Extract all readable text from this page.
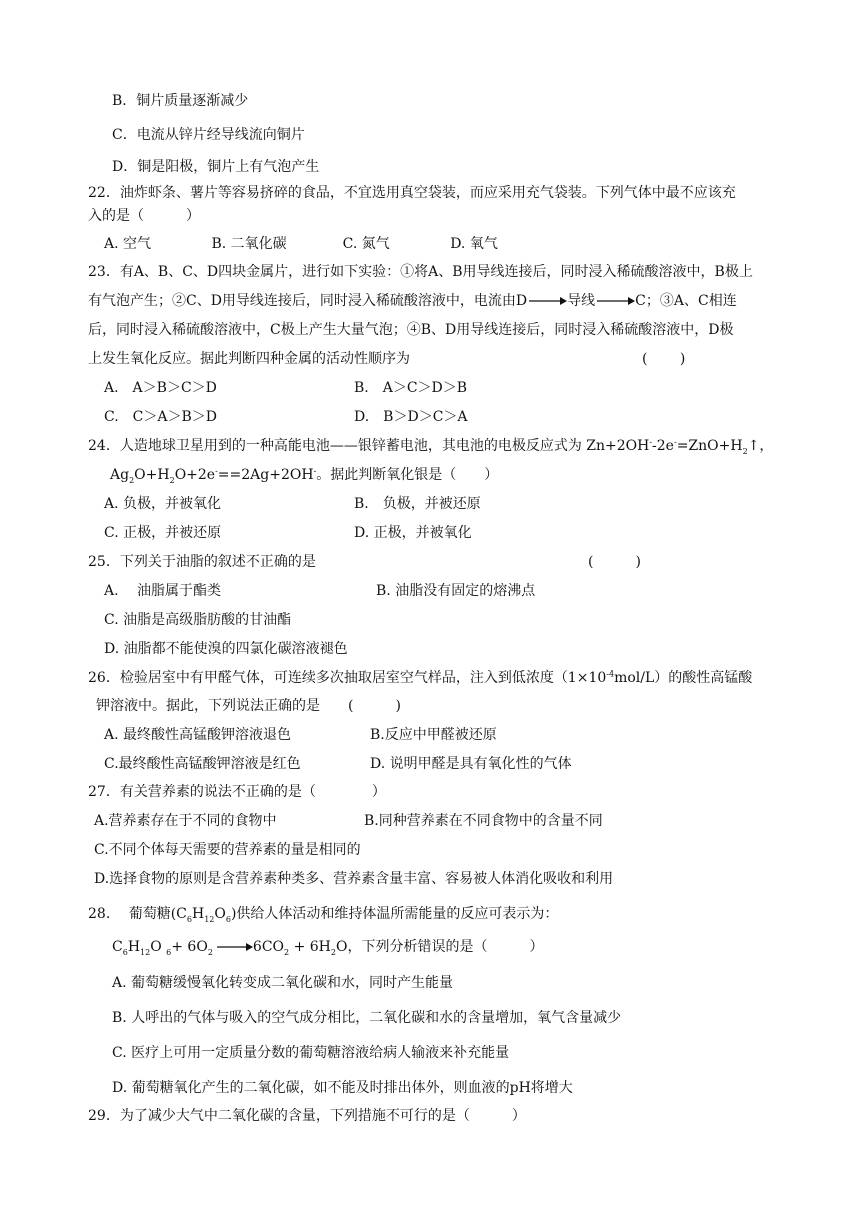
B．铜片质量逐渐减少
C．电流从锌片经导线流向铜片
D．铜是阳极，铜片上有气泡产生
22．油炸虾条、薯片等容易挤碎的食品，不宜选用真空袋装，而应采用充气袋装。下列气体中最不应该充
入的是（　　　）
A. 空气　　　　 B. 二氧化碳　　　　C. 氮气　　　　 D. 氧气
23．有A、B、C、D四块金属片，进行如下实验：①将A、B用导线连接后，同时浸入稀硫酸溶液中，B极上
有气泡产生；②C、D用导线连接后，同时浸入稀硫酸溶液中，电流由D	导线	C；③A、C相连
后，同时浸入稀硫酸溶液中，C极上产生大量气泡；④B、D用导线连接后，同时浸入稀硫酸溶液中，D极
上发生氧化反应。据此判断四种金属的活动性顺序为	(　　 )
A.　A＞B＞C＞D	B.　A＞C＞D＞B
C.　C＞A＞B＞D	D.　B＞D＞C＞A
24．人造地球卫星用到的一种高能电池——银锌蓄电池，其电池的电极反应式为 $Zn+2OH^--2e^-=ZnO+H_2↑$，
$Ag_2O+H_2O+2e^-==2Ag+2OH^-$。据此判断氧化银是（　　）
A. 负极，并被氧化	B.　负极，并被还原
C. 正极，并被还原	D. 正极，并被氧化
25．下列关于油脂的叙述不正确的是	(　　　)
A.　 油脂属于酯类	B. 油脂没有固定的熔沸点
C. 油脂是高级脂肪酸的甘油酯
D. 油脂都不能使溴的四氯化碳溶液褪色
26．检验居室中有甲醛气体，可连续多次抽取居室空气样品，注入到低浓度$(1\times 10^{-4}mol/L)$的酸性高锰酸
钾溶液中。据此，下列说法正确的是　　(　　　)
A. 最终酸性高锰酸钾溶液退色	B.反应中甲醛被还原
C.最终酸性高锰酸钾溶液是红色	D. 说明甲醛是具有氧化性的气体
27．有关营养素的说法不正确的是（　　　　）
A.营养素存在于不同的食物中	B.同种营养素在不同食物中的含量不同
C.不同个体每天需要的营养素的量是相同的
D.选择食物的原则是含营养素种类多、营养素含量丰富、容易被人体消化吸收和利用
28.　 葡萄糖$(C_6H_{12}O_6)$供给人体活动和维持体温所需能量的反应可表示为：
$C_6H_{12}O$ $_6+ 6O_2$	$6CO_2 + 6H_2O$，下列分析错误的是（　　　）
A. 葡萄糖缓慢氧化转变成二氧化碳和水，同时产生能量
B. 人呼出的气体与吸入的空气成分相比，二氧化碳和水的含量增加，氧气含量减少
C. 医疗上可用一定质量分数的葡萄糖溶液给病人输液来补充能量
D. 葡萄糖氧化产生的二氧化碳，如不能及时排出体外，则血液的pH将增大
29．为了减少大气中二氧化碳的含量，下列措施不可行的是（　　　）
